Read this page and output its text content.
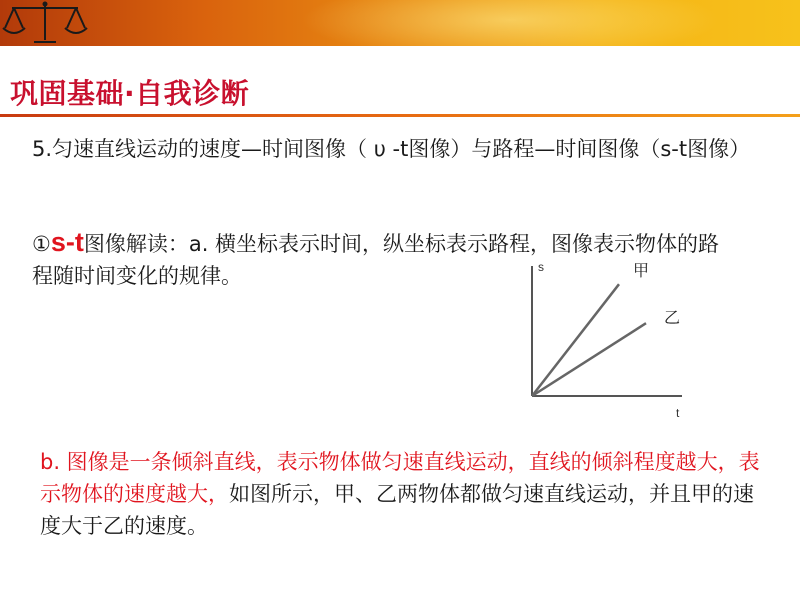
巩固基础·自我诊断

5.匀速直线运动的速度—时间图像（ υ -t图像）与路程—时间图像（s-t图像）

①s-t图像解读：a. 横坐标表示时间，纵坐标表示路程，图像表示物体的路程随时间变化的规律。	s
t
甲
乙

b. 图像是一条倾斜直线，表示物体做匀速直线运动，直线的倾斜程度越大，表示物体的速度越大，如图所示，甲、乙两物体都做匀速直线运动，并且甲的速度大于乙的速度。
